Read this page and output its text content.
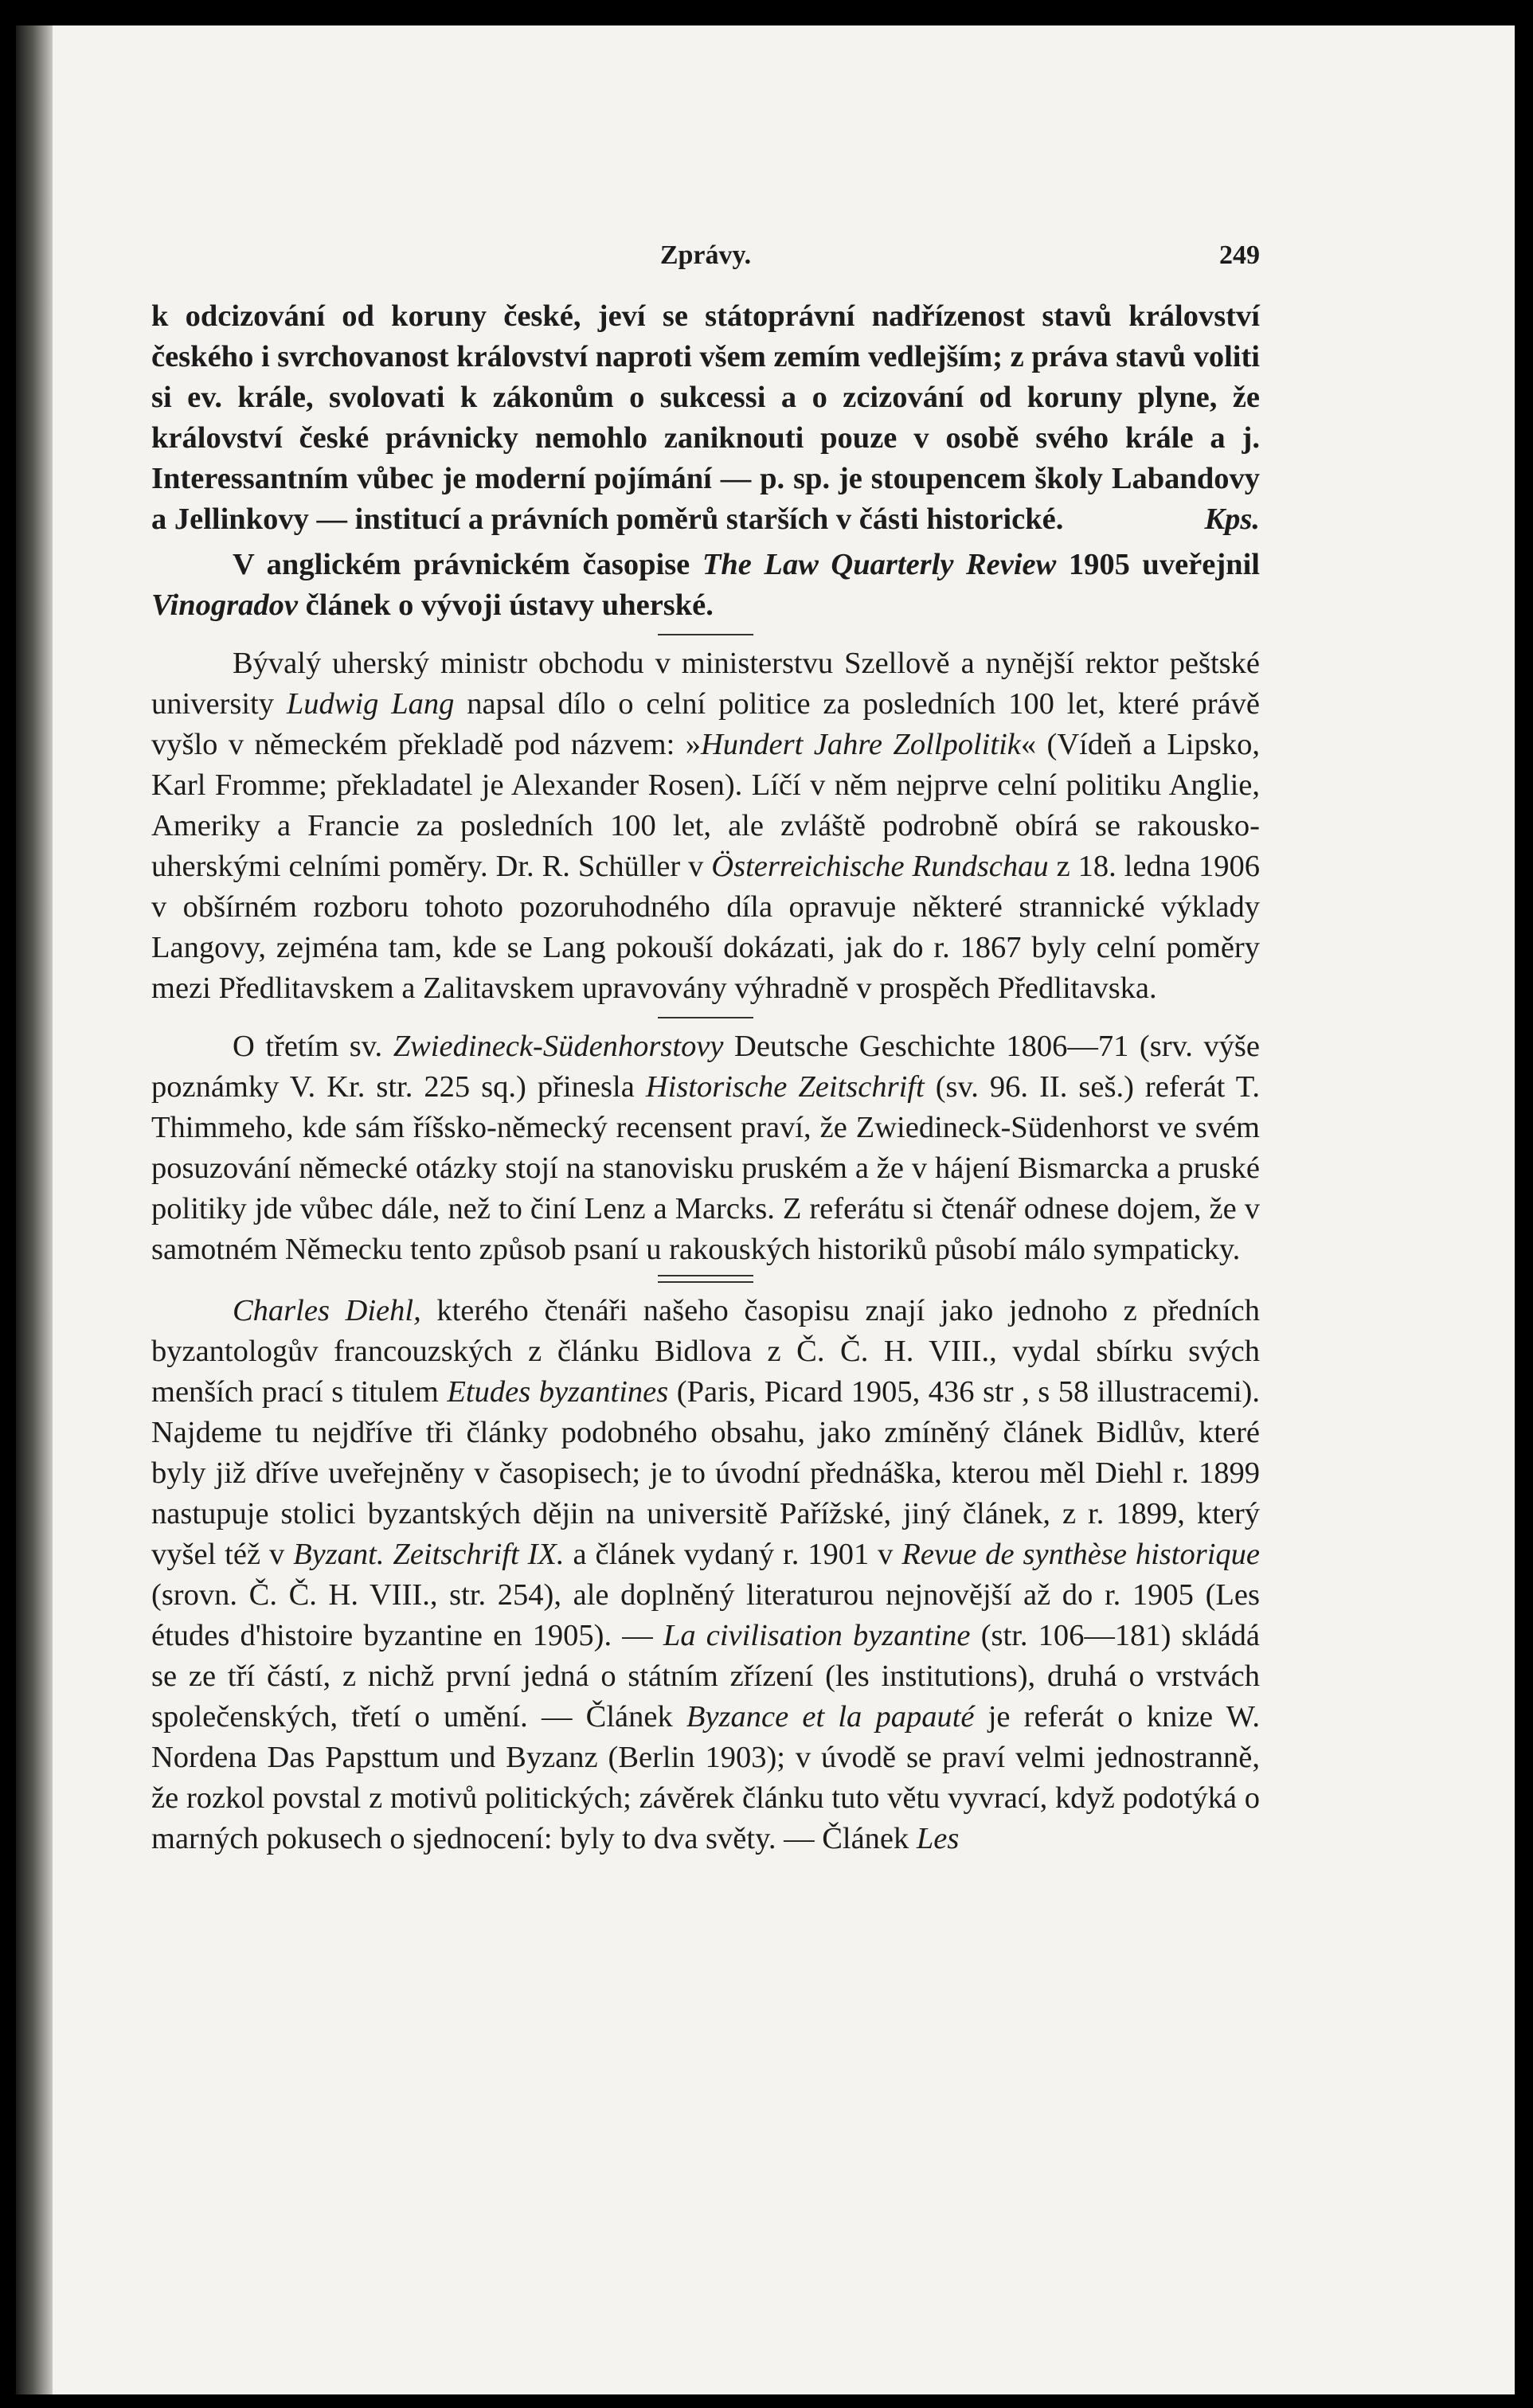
Zprávy.	249

k odcizování od koruny české, jeví se státoprávní nadřízenost stavů království českého i svrchovanost království naproti všem zemím vedlejším; z práva stavů voliti si ev. krále, svolovati k zákonům o sukcessi a o zcizování od koruny plyne, že království české právnicky nemohlo zaniknouti pouze v osobě svého krále a j. Interessantním vůbec je moderní pojímání — p. sp. je stoupencem školy Labandovy a Jellinkovy — institucí a právních poměrů starších v části historické.	Kps.

V anglickém právnickém časopise The Law Quarterly Review 1905 uveřejnil Vinogradov článek o vývoji ústavy uherské.

Bývalý uherský ministr obchodu v ministerstvu Szellově a nynější rektor peštské university Ludwig Lang napsal dílo o celní politice za posledních 100 let, které právě vyšlo v německém překladě pod názvem: »Hundert Jahre Zollpolitik« (Vídeň a Lipsko, Karl Fromme; překladatel je Alexander Rosen). Líčí v něm nejprve celní politiku Anglie, Ameriky a Francie za posledních 100 let, ale zvláště podrobně obírá se rakousko-uherskými celními poměry. Dr. R. Schüller v Österreichische Rundschau z 18. ledna 1906 v obšírném rozboru tohoto pozoruhodného díla opravuje některé strannické výklady Langovy, zejména tam, kde se Lang pokouší dokázati, jak do r. 1867 byly celní poměry mezi Předlitavskem a Zalitavskem upravovány výhradně v prospěch Předlitavska.

O třetím sv. Zwiedineck-Südenhorstovy Deutsche Geschichte 1806—71 (srv. výše poznámky V. Kr. str. 225 sq.) přinesla Historische Zeitschrift (sv. 96. II. seš.) referát T. Thimmeho, kde sám říšsko-německý recensent praví, že Zwiedineck-Südenhorst ve svém posuzování německé otázky stojí na stanovisku pruském a že v hájení Bismarcka a pruské politiky jde vůbec dále, než to činí Lenz a Marcks. Z referátu si čtenář odnese dojem, že v samotném Německu tento způsob psaní u rakouských historiků působí málo sympaticky.

Charles Diehl, kterého čtenáři našeho časopisu znají jako jednoho z předních byzantologův francouzských z článku Bidlova z Č. Č. H. VIII., vydal sbírku svých menších prací s titulem Etudes byzantines (Paris, Picard 1905, 436 str , s 58 illustracemi). Najdeme tu nejdříve tři články podobného obsahu, jako zmíněný článek Bidlův, které byly již dříve uveřejněny v časopisech; je to úvodní přednáška, kterou měl Diehl r. 1899 nastupuje stolici byzantských dějin na universitě Pařížské, jiný článek, z r. 1899, který vyšel též v Byzant. Zeitschrift IX. a článek vydaný r. 1901 v Revue de synthèse historique (srovn. Č. Č. H. VIII., str. 254), ale doplněný literaturou nejnovější až do r. 1905 (Les études d'histoire byzantine en 1905). — La civilisation byzantine (str. 106—181) skládá se ze tří částí, z nichž první jedná o státním zřízení (les institutions), druhá o vrstvách společenských, třetí o umění. — Článek Byzance et la papauté je referát o knize W. Nordena Das Papsttum und Byzanz (Berlin 1903); v úvodě se praví velmi jednostranně, že rozkol povstal z motivů politických; závěrek článku tuto větu vyvrací, když podotýká o marných pokusech o sjednocení: byly to dva světy. — Článek Les
